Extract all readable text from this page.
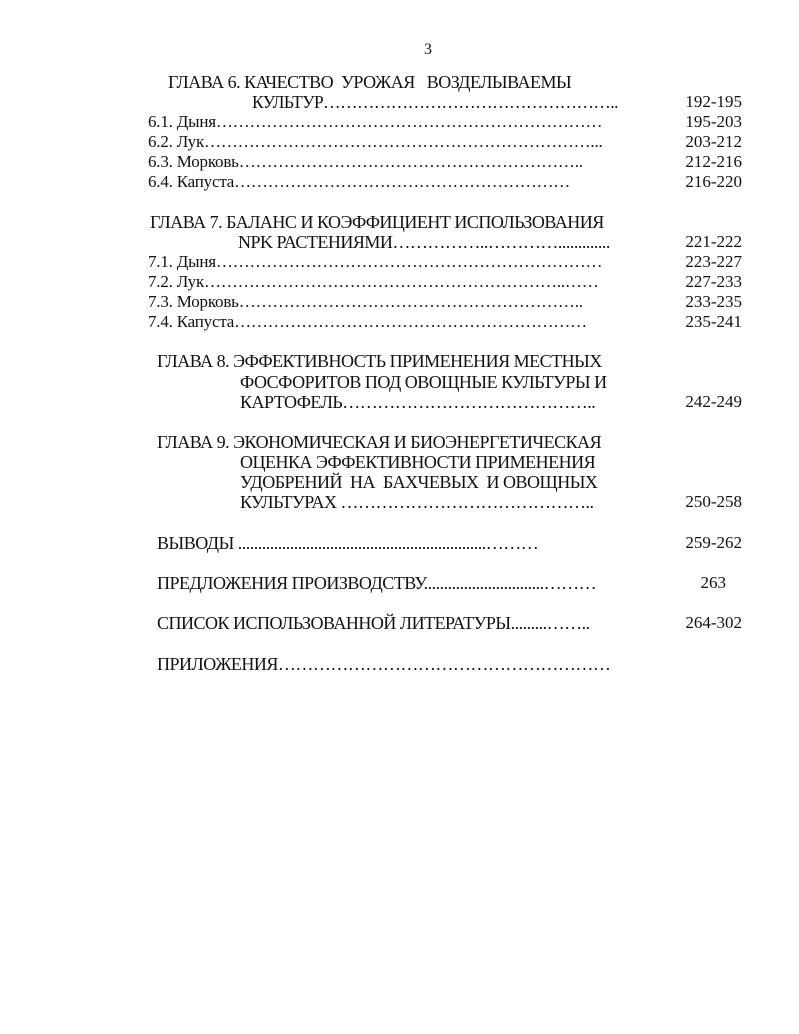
3
ГЛАВА 6. КАЧЕСТВО  УРОЖАЯ   ВОЗДЕЛЫВАЕМЫ
КУЛЬТУР……………………………………………..	192-195
6.1. Дыня……………………………………………………………	195-203
6.2. Лук……………………………………………………………...	203-212
6.3. Морковь……………………………………………………..	212-216
6.4. Капуста……………………………………………………	216-220
ГЛАВА 7. БАЛАНС И КОЭФФИЦИЕНТ ИСПОЛЬЗОВАНИЯ
NPK РАСТЕНИЯМИ……………..………….............	221-222
7.1. Дыня……………………………………………………………	223-227
7.2. Лук………………………………………………………..……	227-233
7.3. Морковь……………………………………………………..	233-235
7.4. Капуста………………………………………………………	235-241
ГЛАВА 8. ЭФФЕКТИВНОСТЬ ПРИМЕНЕНИЯ МЕСТНЫХ
ФОСФОРИТОВ ПОД ОВОЩНЫЕ КУЛЬТУРЫ И
КАРТОФЕЛЬ……………………………………..	242-249
ГЛАВА 9. ЭКОНОМИЧЕСКАЯ И БИОЭНЕРГЕТИЧЕСКАЯ
ОЦЕНКА ЭФФЕКТИВНОСТИ ПРИМЕНЕНИЯ
УДОБРЕНИЙ  НА  БАХЧЕВЫХ  И ОВОЩНЫХ
КУЛЬТУРАХ ……………………………………..	250-258
ВЫВОДЫ ..............................................................………	259-262
ПРЕДЛОЖЕНИЯ ПРОИЗВОДСТВУ..............................………	263
СПИСОК ИСПОЛЬЗОВАННОЙ ЛИТЕРАТУРЫ.........……..	264-302
ПРИЛОЖЕНИЯ…………………………………………………
